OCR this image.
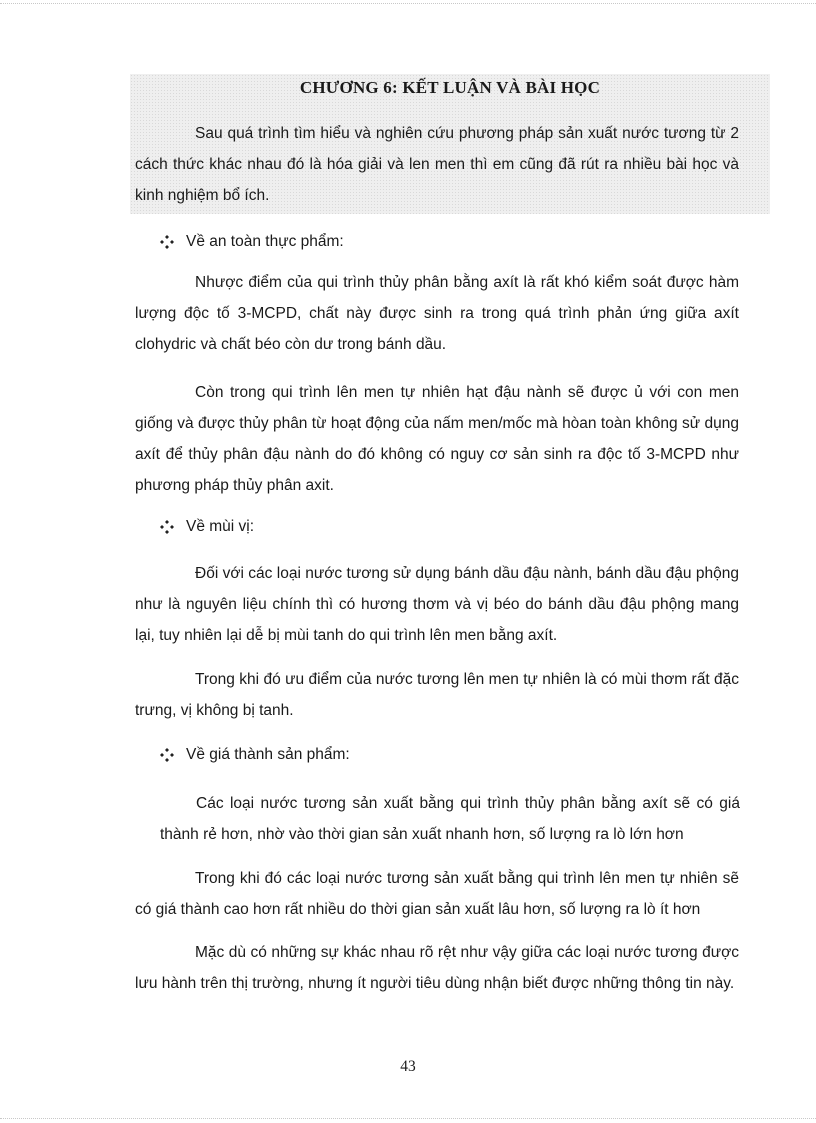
CHƯƠNG 6: KẾT LUẬN VÀ BÀI HỌC

Sau quá trình tìm hiểu và nghiên cứu phương pháp sản xuất nước tương từ 2 cách thức khác nhau đó là hóa giải và len men thì em cũng đã rút ra nhiều bài học và kinh nghiệm bổ ích.

Về an toàn thực phẩm:

Nhược điểm của qui trình thủy phân bằng axít là rất khó kiểm soát được hàm lượng độc tố 3-MCPD, chất này được sinh ra trong quá trình phản ứng giữa axít clohydric và chất béo còn dư trong bánh dầu.

Còn trong qui trình lên men tự nhiên hạt đậu nành sẽ được ủ với con men giống và được thủy phân từ hoạt động của nấm men/mốc mà hòan toàn không sử dụng axít để thủy phân đậu nành do đó không có nguy cơ sản sinh ra độc tố 3-MCPD như phương pháp thủy phân axit.

Về mùi vị:

Đối với các loại nước tương sử dụng bánh dầu đậu nành, bánh dầu đậu phộng như là nguyên liệu chính thì có hương thơm và vị béo do bánh dầu đậu phộng mang lại, tuy nhiên lại dễ bị mùi tanh do qui trình lên men bằng axít.

Trong khi đó ưu điểm của nước tương lên men tự nhiên là có mùi thơm rất đặc trưng, vị không bị tanh.

Về giá thành sản phẩm:

Các loại nước tương sản xuất bằng qui trình thủy phân bằng axít sẽ có giá thành rẻ hơn, nhờ vào thời gian sản xuất nhanh hơn, số lượng ra lò lớn hơn

Trong khi đó các loại nước tương sản xuất bằng qui trình lên men tự nhiên sẽ có giá thành cao hơn rất nhiều do thời gian sản xuất lâu hơn, số lượng ra lò ít hơn

Mặc dù có những sự khác nhau rõ rệt như vậy giữa các loại nước tương được lưu hành trên thị trường, nhưng ít người tiêu dùng nhận biết được những thông tin này.

43
